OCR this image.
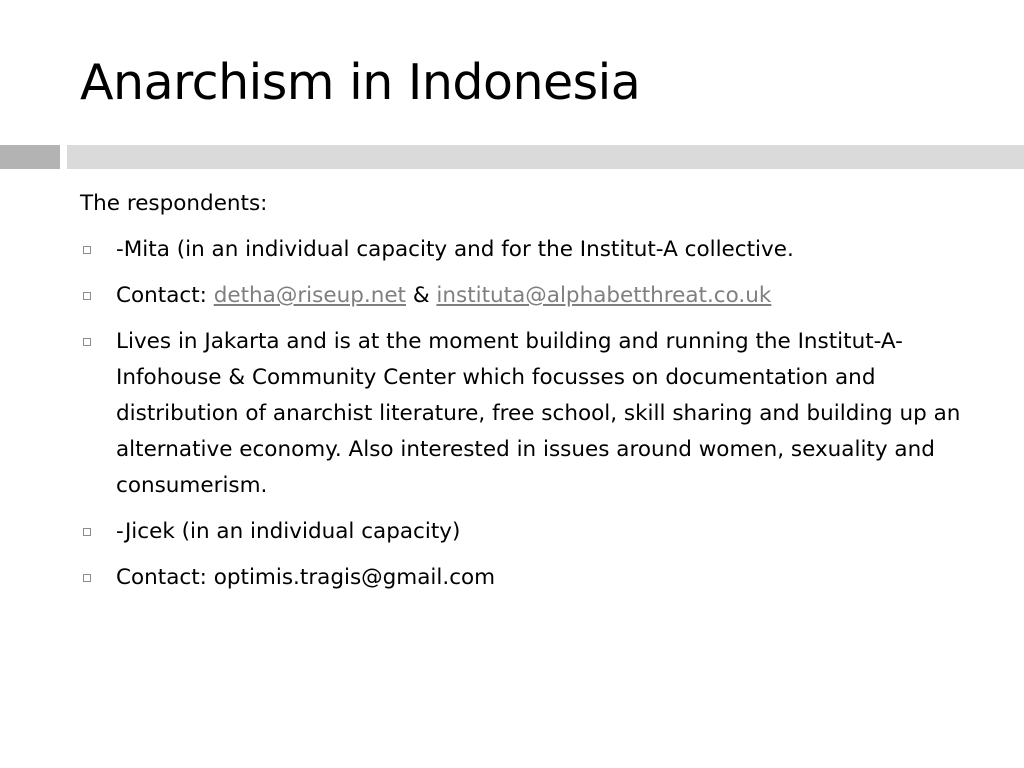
Anarchism in Indonesia

The respondents:

-Mita (in an individual capacity and for the Institut-A collective.
Contact: detha@riseup.net & instituta@alphabetthreat.co.uk
Lives in Jakarta and is at the moment building and running the Institut-A- Infohouse & Community Center which focusses on documentation and distribution of anarchist literature, free school, skill sharing and building up an alternative economy. Also interested in issues around women, sexuality and consumerism.
-Jicek (in an individual capacity)
Contact: optimis.tragis@gmail.com
